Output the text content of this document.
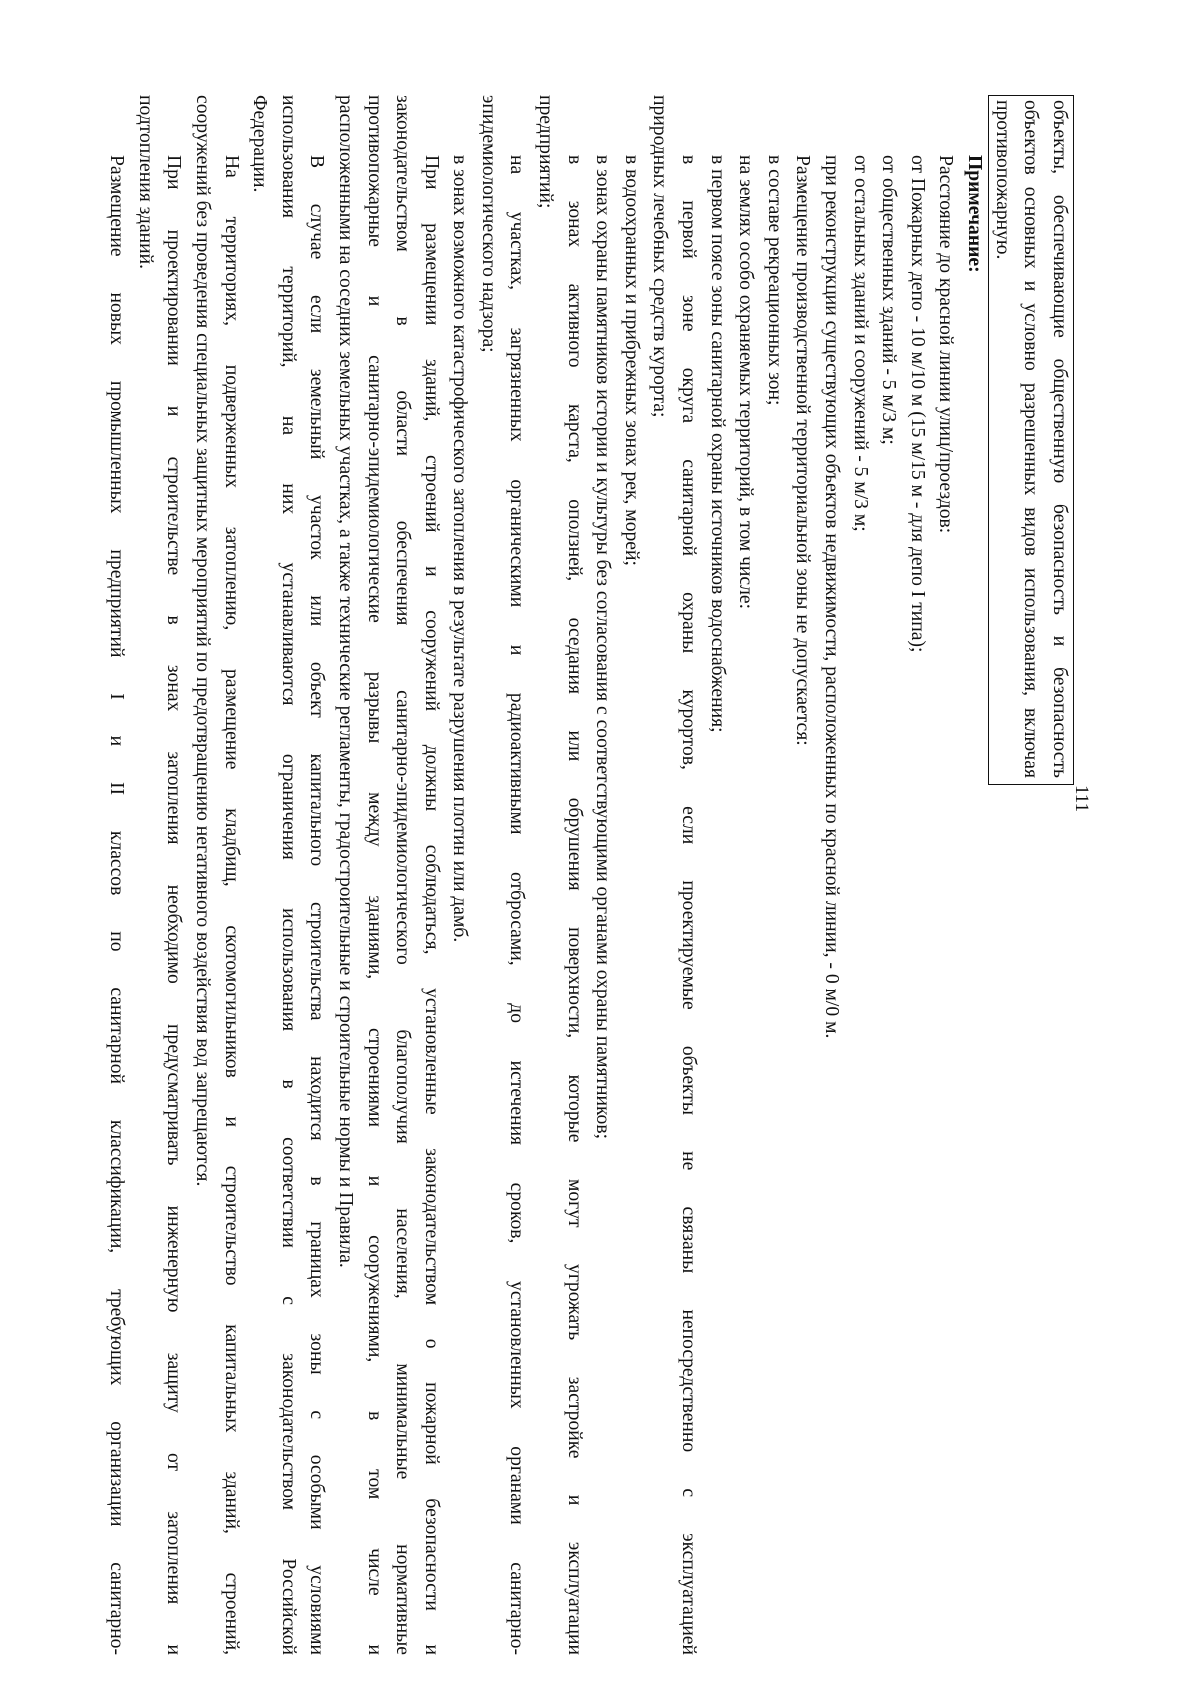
111
объекты, обеспечивающие общественную безопасность и безопасность
объектов основных и условно разрешенных видов использования, включая
противопожарную.
Примечание:
Расстояние до красной линии улиц/проездов:
от Пожарных депо - 10 м/10 м (15 м/15 м - для депо I типа);
от общественных зданий - 5 м/3 м;
от остальных зданий и сооружений - 5 м/3 м;
при реконструкции существующих объектов недвижимости, расположенных по красной линии, - 0 м/0 м.
Размещение производственной территориальной зоны не допускается:
в составе рекреационных зон;
на землях особо охраняемых территорий, в том числе:
в первом поясе зоны санитарной охраны источников водоснабжения;
в первой зоне округа санитарной охраны курортов, если проектируемые объекты не связаны непосредственно с эксплуатацией
природных лечебных средств курорта;
в водоохранных и прибрежных зонах рек, морей;
в зонах охраны памятников истории и культуры без согласования с соответствующими органами охраны памятников;
в зонах активного карста, оползней, оседания или обрушения поверхности, которые могут угрожать застройке и эксплуатации
предприятий;
на участках, загрязненных органическими и радиоактивными отбросами, до истечения сроков, установленных органами санитарно-
эпидемиологического надзора;
в зонах возможного катастрофического затопления в результате разрушения плотин или дамб.
При размещении зданий, строений и сооружений должны соблюдаться, установленные законодательством о пожарной безопасности и
законодательством в области обеспечения санитарно-эпидемиологического благополучия населения, минимальные нормативные
противопожарные и санитарно-эпидемиологические разрывы между зданиями, строениями и сооружениями, в том числе и
расположенными на соседних земельных участках, а также технические регламенты, градостроительные и строительные нормы и Правила.
В случае если земельный участок или объект капитального строительства находится в границах зоны с особыми условиями
использования территорий, на них устанавливаются ограничения использования в соответствии с законодательством Российской
Федерации.
На территориях, подверженных затоплению, размещение кладбищ, скотомогильников и строительство капитальных зданий, строений,
сооружений без проведения специальных защитных мероприятий по предотвращению негативного воздействия вод запрещаются.
При проектировании и строительстве в зонах затопления необходимо предусматривать инженерную защиту от затопления и
подтопления зданий.
Размещение новых промышленных предприятий I и II классов по санитарной классификации, требующих организации санитарно-
